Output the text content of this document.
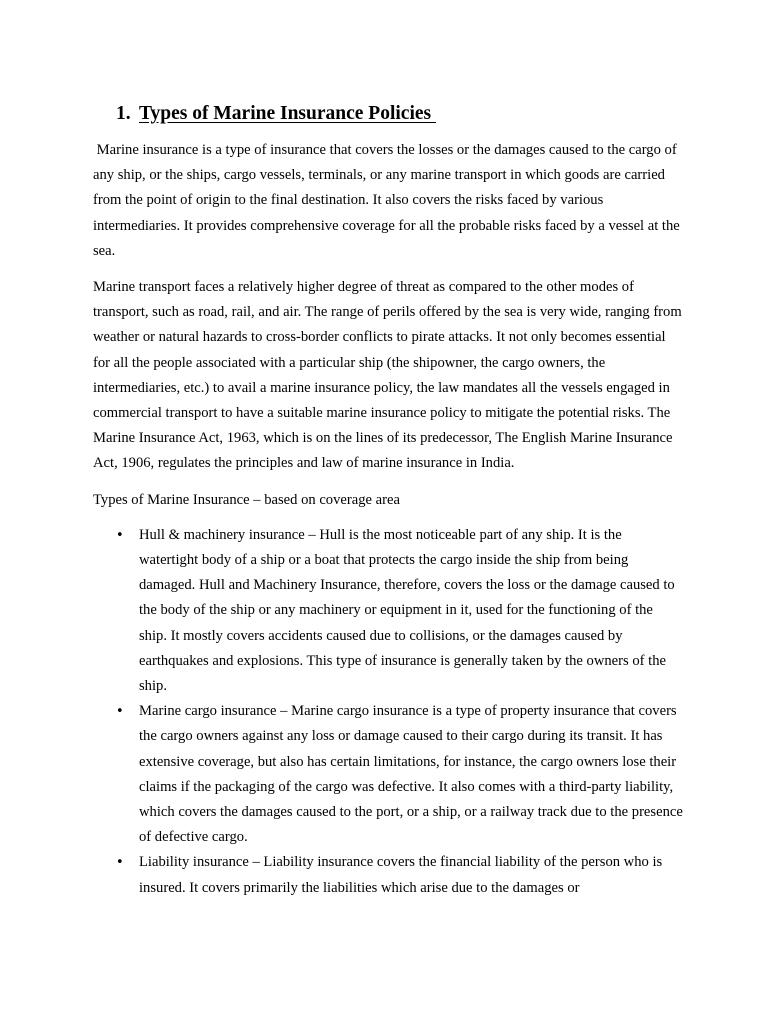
1. Types of Marine Insurance Policies

Marine insurance is a type of insurance that covers the losses or the damages caused to the cargo of any ship, or the ships, cargo vessels, terminals, or any marine transport in which goods are carried from the point of origin to the final destination. It also covers the risks faced by various intermediaries. It provides comprehensive coverage for all the probable risks faced by a vessel at the sea.

Marine transport faces a relatively higher degree of threat as compared to the other modes of transport, such as road, rail, and air. The range of perils offered by the sea is very wide, ranging from weather or natural hazards to cross-border conflicts to pirate attacks. It not only becomes essential for all the people associated with a particular ship (the shipowner, the cargo owners, the intermediaries, etc.) to avail a marine insurance policy, the law mandates all the vessels engaged in commercial transport to have a suitable marine insurance policy to mitigate the potential risks. The Marine Insurance Act, 1963, which is on the lines of its predecessor, The English Marine Insurance Act, 1906, regulates the principles and law of marine insurance in India.

Types of Marine Insurance – based on coverage area

• Hull & machinery insurance – Hull is the most noticeable part of any ship. It is the watertight body of a ship or a boat that protects the cargo inside the ship from being damaged. Hull and Machinery Insurance, therefore, covers the loss or the damage caused to the body of the ship or any machinery or equipment in it, used for the functioning of the ship. It mostly covers accidents caused due to collisions, or the damages caused by earthquakes and explosions. This type of insurance is generally taken by the owners of the ship.
• Marine cargo insurance – Marine cargo insurance is a type of property insurance that covers the cargo owners against any loss or damage caused to their cargo during its transit. It has extensive coverage, but also has certain limitations, for instance, the cargo owners lose their claims if the packaging of the cargo was defective. It also comes with a third-party liability, which covers the damages caused to the port, or a ship, or a railway track due to the presence of defective cargo.
• Liability insurance – Liability insurance covers the financial liability of the person who is insured. It covers primarily the liabilities which arise due to the damages or
